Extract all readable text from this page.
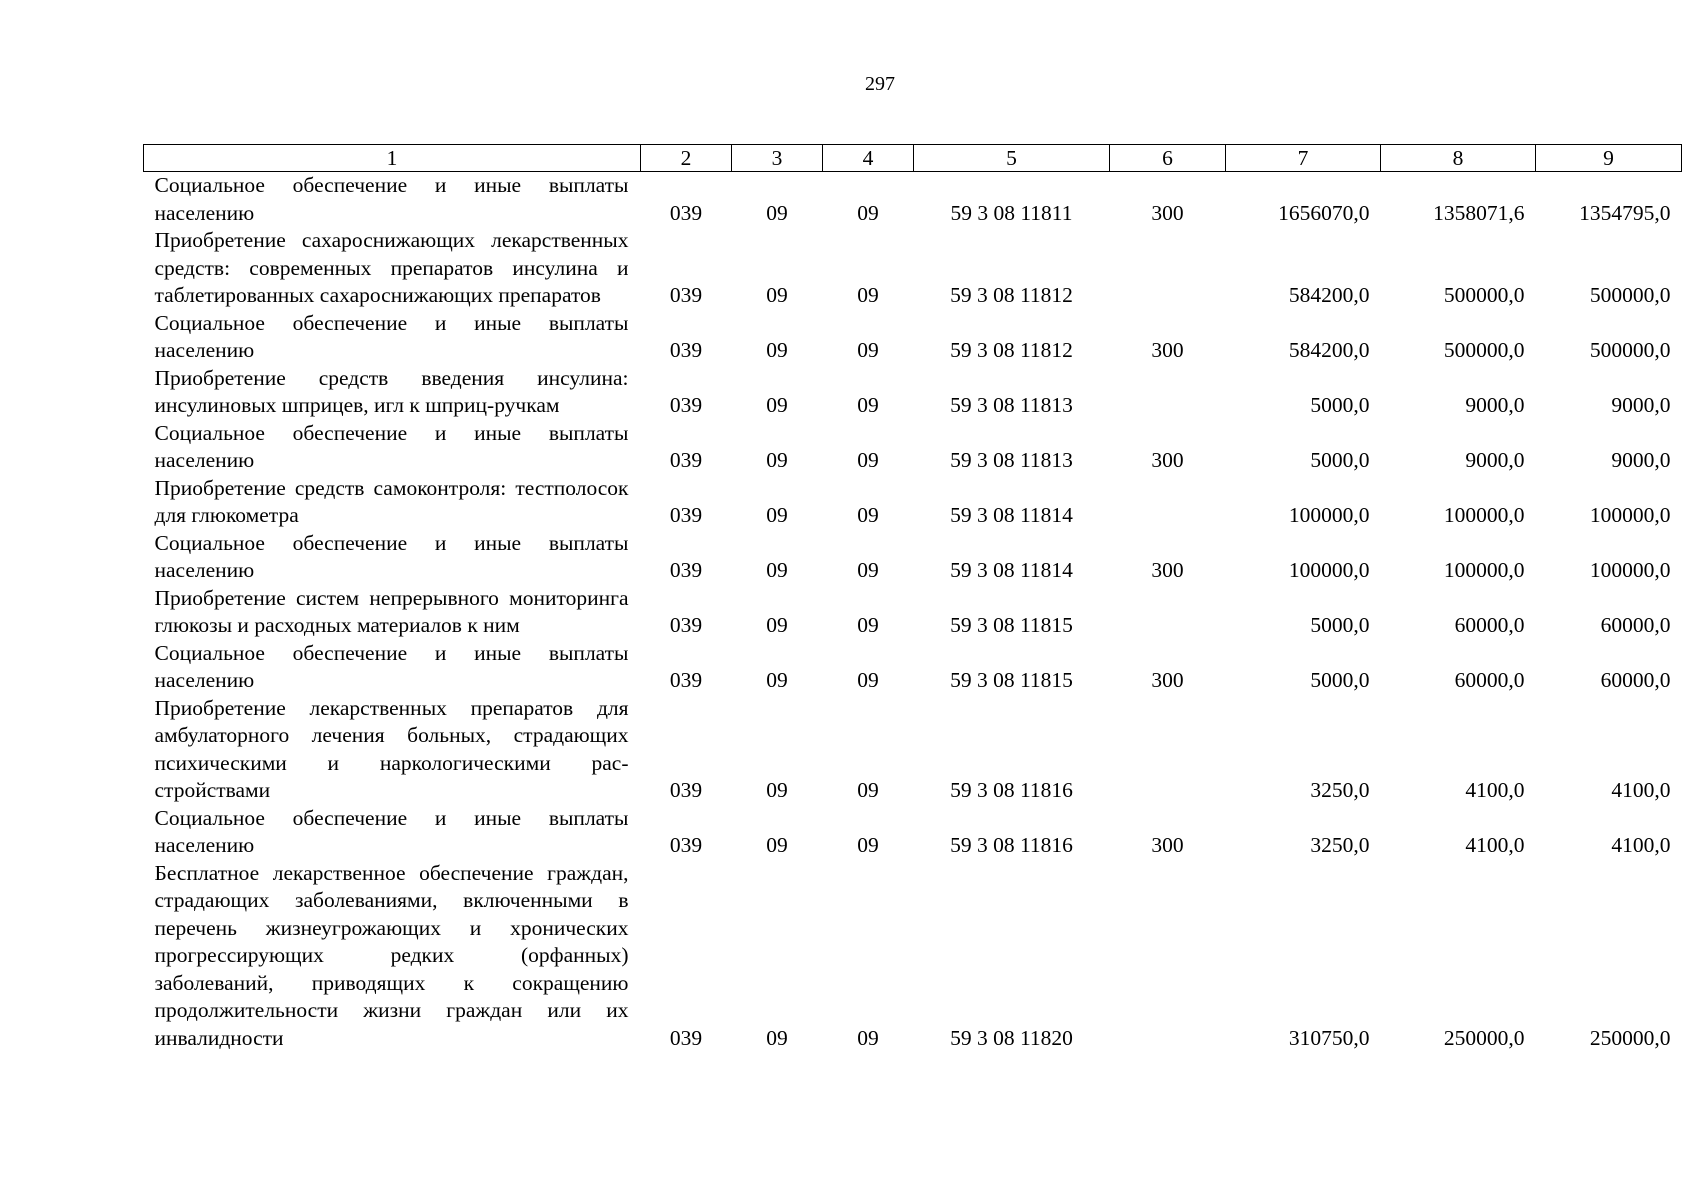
297
1	2	3	4	5	6	7	8	9
Социальное обеспечение и иные выплаты населению	039	09	09	59 3 08 11811	300	1656070,0	1358071,6	1354795,0
Приобретение сахароснижающих лекарственных средств: современных препаратов инсулина и таблетированных сахароснижающих препаратов	039	09	09	59 3 08 11812		584200,0	500000,0	500000,0
Социальное обеспечение и иные выплаты населению	039	09	09	59 3 08 11812	300	584200,0	500000,0	500000,0
Приобретение средств введения инсулина: инсулиновых шприцев, игл к шприц-ручкам	039	09	09	59 3 08 11813		5000,0	9000,0	9000,0
Социальное обеспечение и иные выплаты населению	039	09	09	59 3 08 11813	300	5000,0	9000,0	9000,0
Приобретение средств самоконтроля: тестполосок для глюкометра	039	09	09	59 3 08 11814		100000,0	100000,0	100000,0
Социальное обеспечение и иные выплаты населению	039	09	09	59 3 08 11814	300	100000,0	100000,0	100000,0
Приобретение систем непрерывного мониторинга глюкозы и расходных материалов к ним	039	09	09	59 3 08 11815		5000,0	60000,0	60000,0
Социальное обеспечение и иные выплаты населению	039	09	09	59 3 08 11815	300	5000,0	60000,0	60000,0
Приобретение лекарственных препаратов для амбулаторного лечения больных, страдающих психическими и наркологическими расстройствами	039	09	09	59 3 08 11816		3250,0	4100,0	4100,0
Социальное обеспечение и иные выплаты населению	039	09	09	59 3 08 11816	300	3250,0	4100,0	4100,0
Бесплатное лекарственное обеспечение граждан, страдающих заболеваниями, включенными в перечень жизнеугрожающих и хронических прогрессирующих редких (орфанных) заболеваний, приводящих к сокращению продолжительности жизни граждан или их инвалидности	039	09	09	59 3 08 11820		310750,0	250000,0	250000,0
